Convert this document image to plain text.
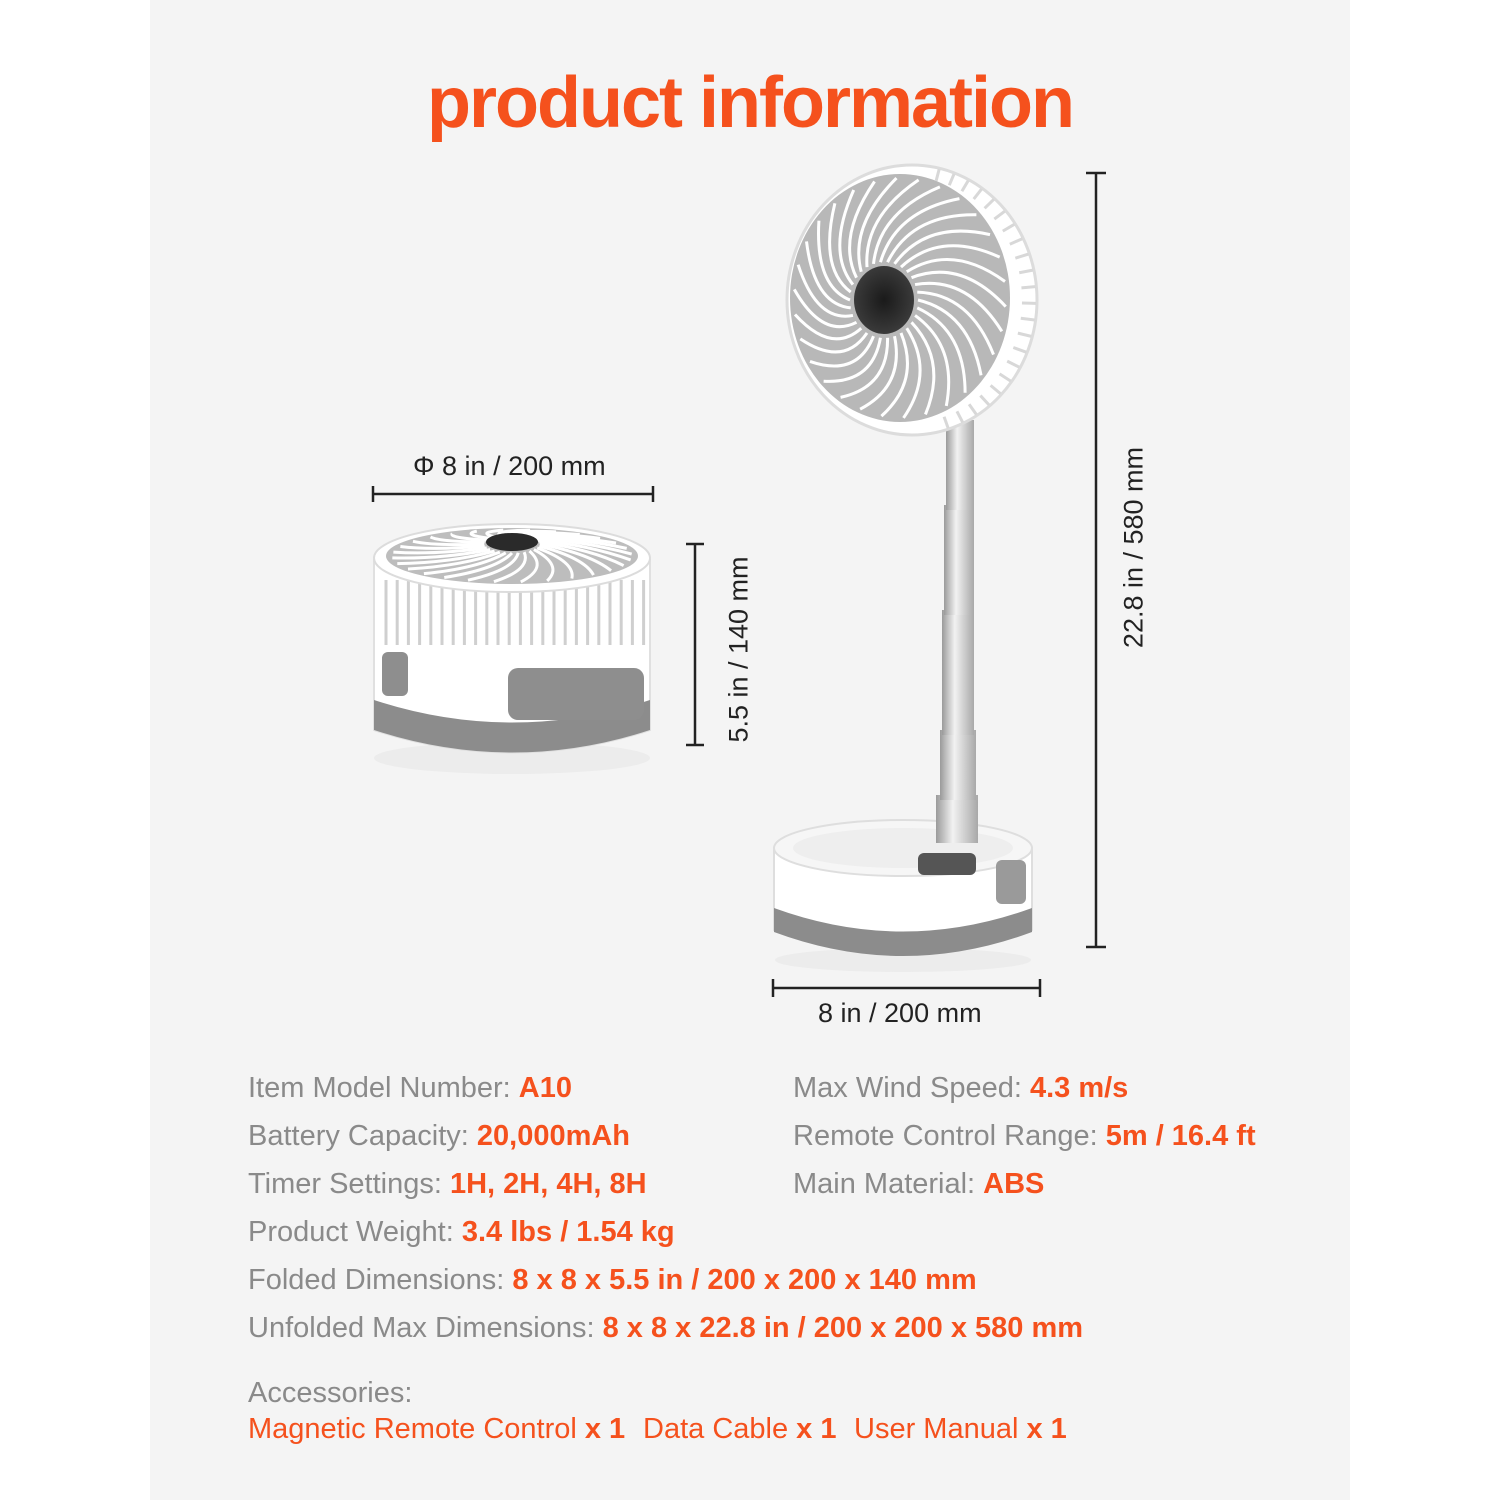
product information
Φ 8 in / 200 mm
5.5 in / 140 mm
22.8 in / 580 mm
8 in / 200 mm
Item Model Number: A10
Battery Capacity: 20,000mAh
Timer Settings: 1H, 2H, 4H, 8H
Product Weight: 3.4 lbs / 1.54 kg
Folded Dimensions: 8 x 8 x 5.5 in / 200 x 200 x 140 mm
Unfolded Max Dimensions: 8 x 8 x 22.8 in / 200 x 200 x 580 mm
Max Wind Speed: 4.3 m/s
Remote Control Range: 5m / 16.4 ft
Main Material: ABS
Accessories:
Magnetic Remote Control x 1 Data Cable x 1 User Manual x 1
